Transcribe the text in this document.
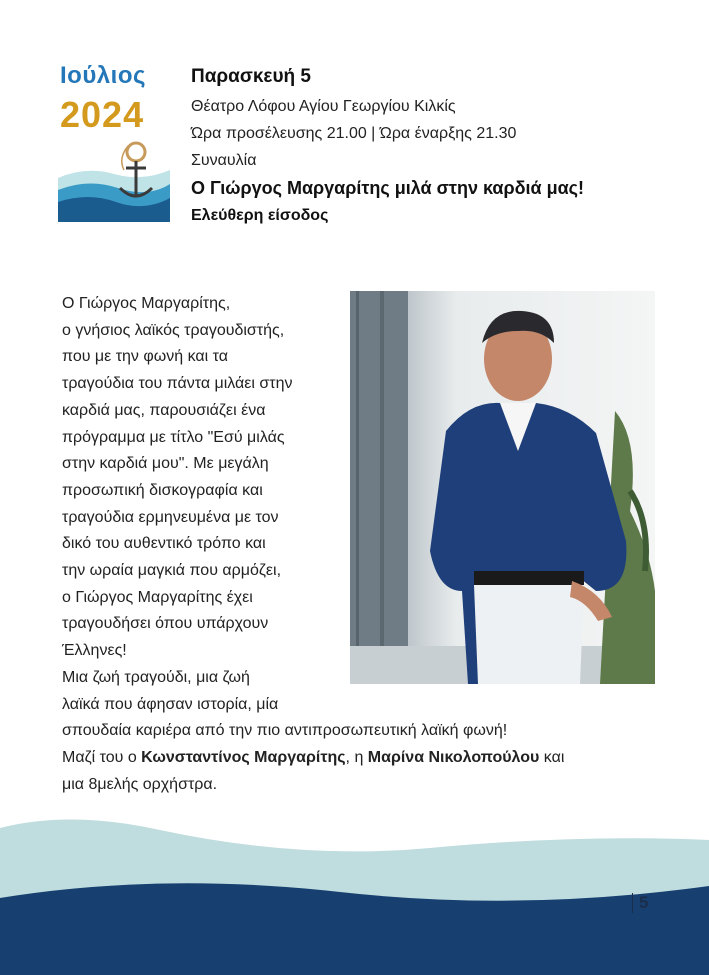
Ιούλιος
2024
Παρασκευή 5
Θέατρο Λόφου Αγίου Γεωργίου Κιλκίς
Ώρα προσέλευσης 21.00 | Ώρα έναρξης 21.30
Συναυλία
Ο Γιώργος Μαργαρίτης μιλά στην καρδιά μας!
Ελεύθερη είσοδος
Ο Γιώργος Μαργαρίτης,
ο γνήσιος λαϊκός τραγουδιστής,
που με την φωνή και τα
τραγούδια του πάντα μιλάει στην
καρδιά μας, παρουσιάζει ένα
πρόγραμμα με τίτλο "Εσύ μιλάς
στην καρδιά μου". Με μεγάλη
προσωπική δισκογραφία και
τραγούδια ερμηνευμένα με τον
δικό του αυθεντικό τρόπο και
την ωραία μαγκιά που αρμόζει,
ο Γιώργος Μαργαρίτης έχει
τραγουδήσει όπου υπάρχουν
Έλληνες!
Μια ζωή τραγούδι, μια ζωή
λαϊκά που άφησαν ιστορία, μία
σπουδαία καριέρα από την πιο αντιπροσωπευτική λαϊκή φωνή!
Μαζί του ο Κωνσταντίνος Μαργαρίτης, η Μαρίνα Νικολοπούλου και
μια 8μελής ορχήστρα.
5
